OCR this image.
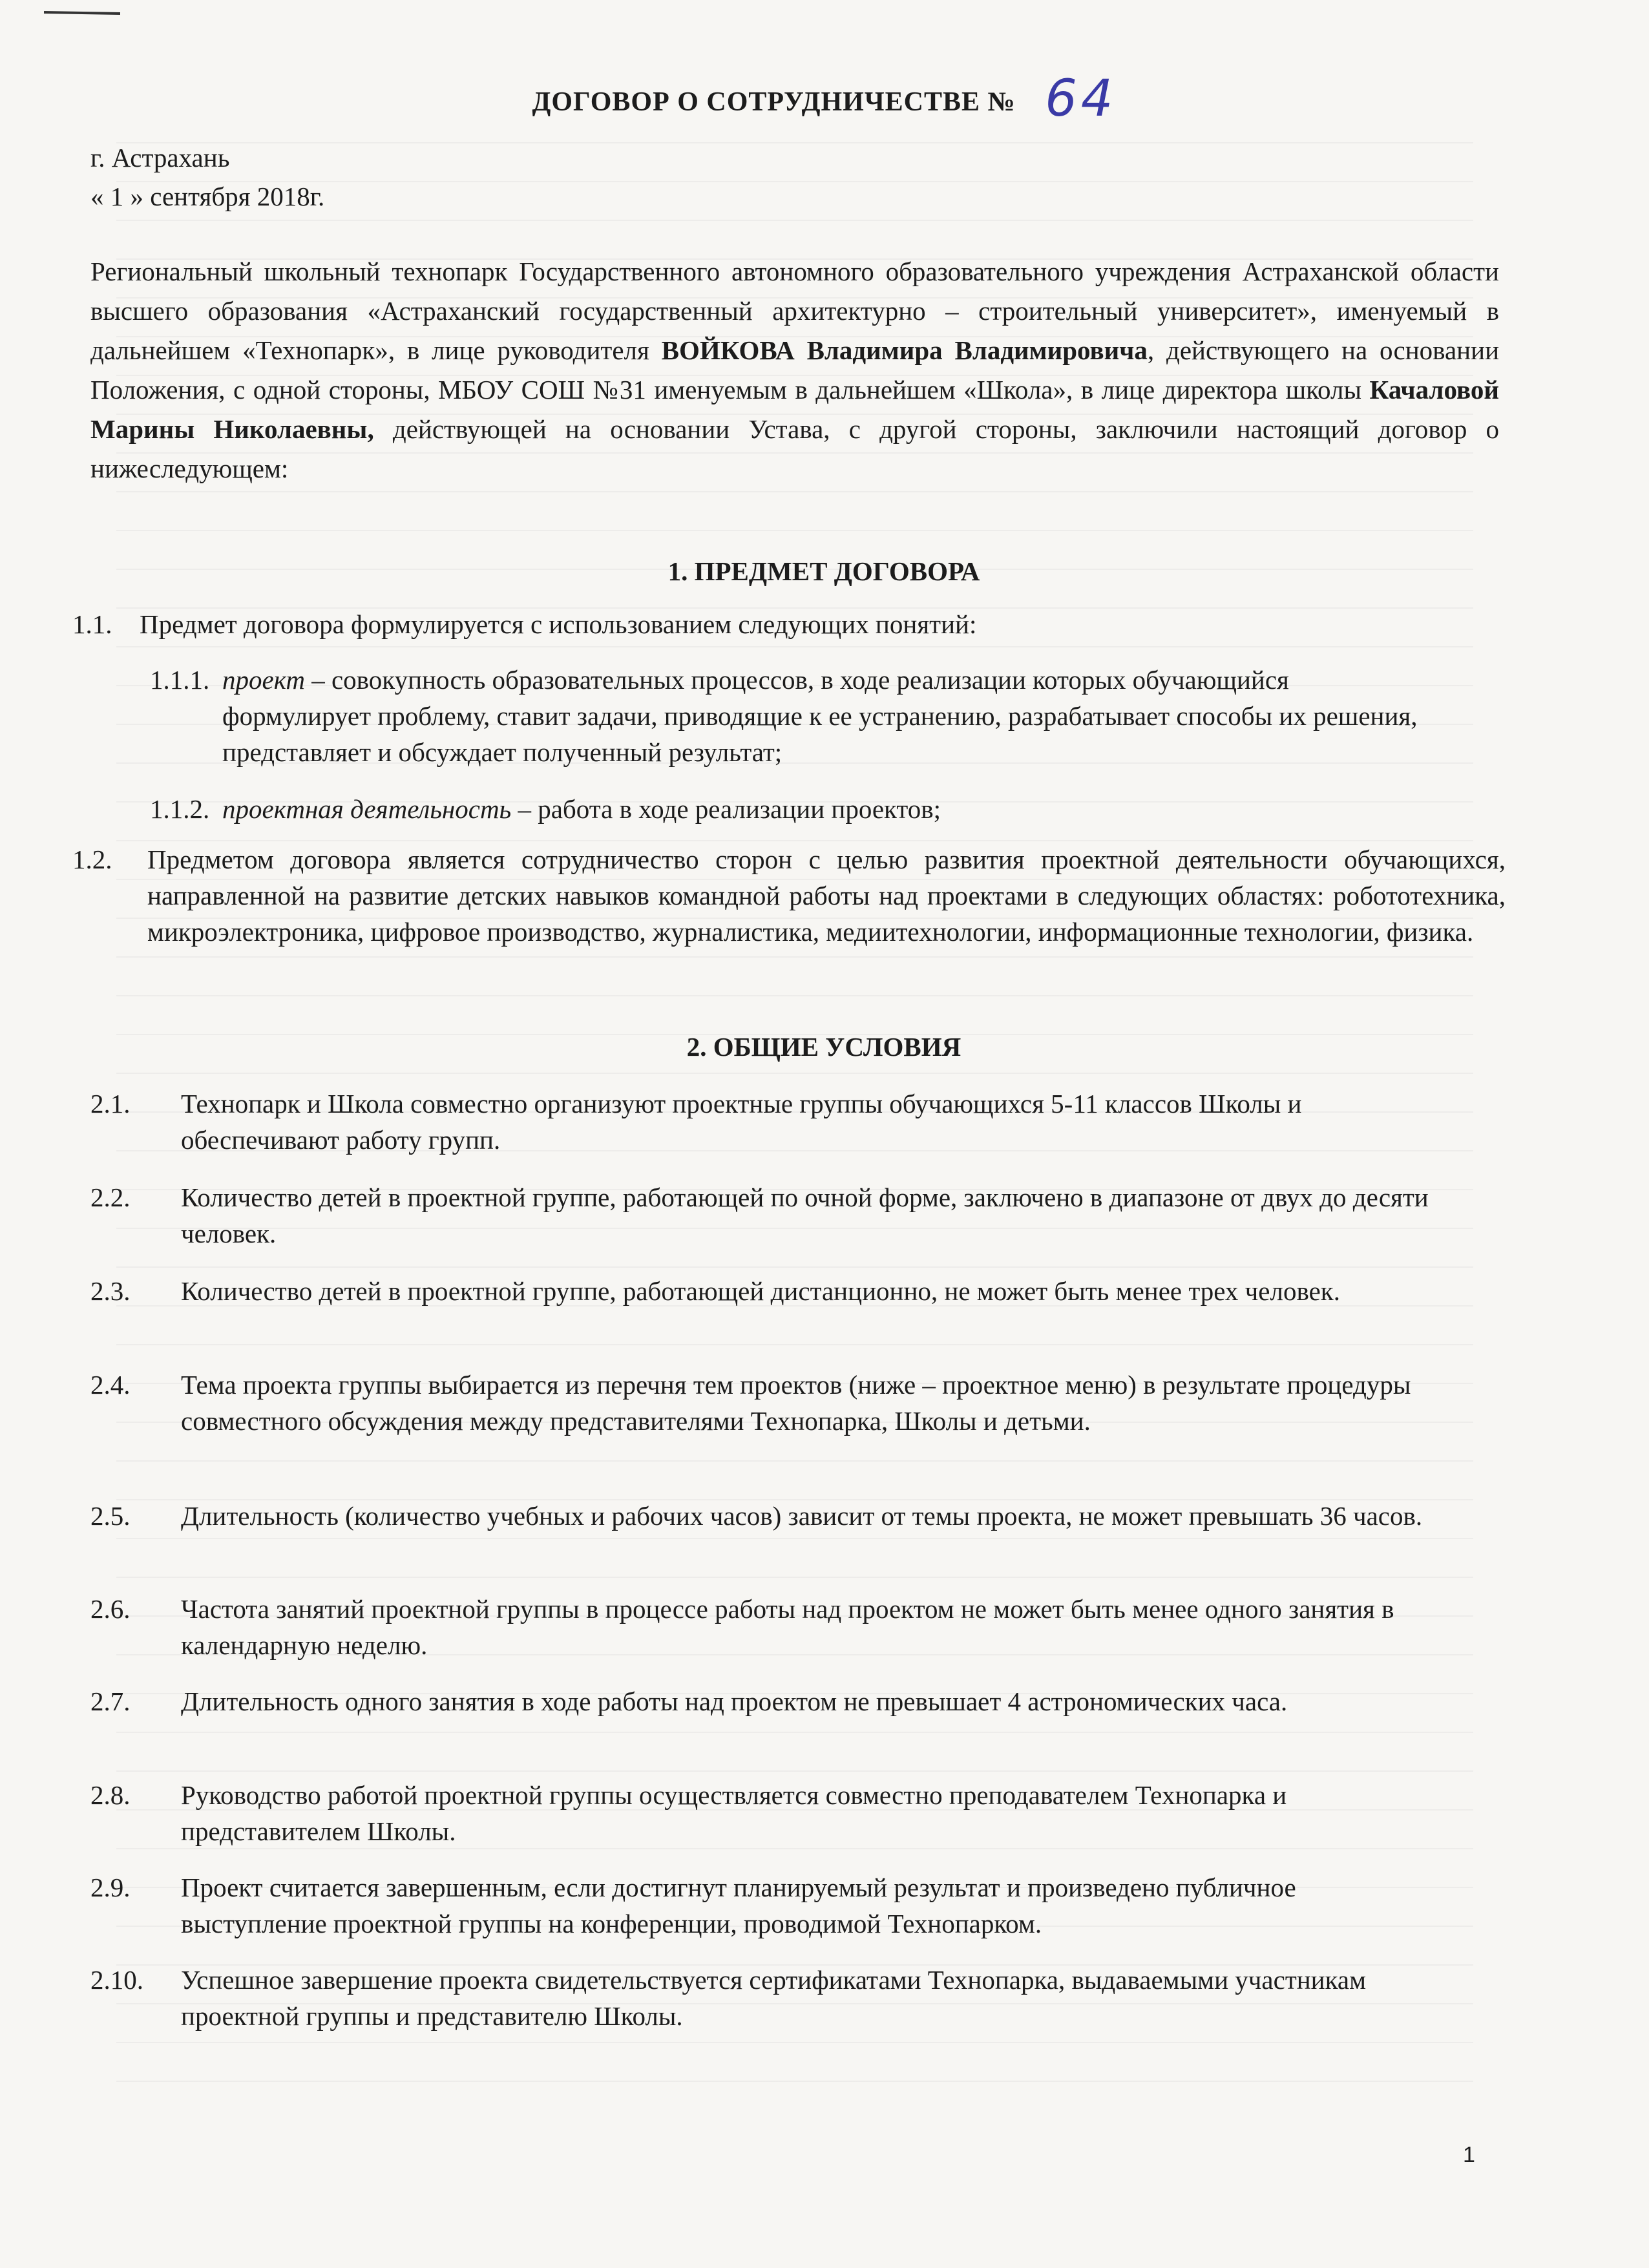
ДОГОВОР О СОТРУДНИЧЕСТВЕ № 64
г. Астрахань
« 1 » сентября 2018г.
Региональный школьный технопарк Государственного автономного образовательного учреждения Астраханской области высшего образования «Астраханский государственный архитектурно – строительный университет», именуемый в дальнейшем «Технопарк», в лице руководителя ВОЙКОВА Владимира Владимировича, действующего на основании Положения, с одной стороны, МБОУ СОШ №31 именуемым в дальнейшем «Школа», в лице директора школы Качаловой Марины Николаевны, действующей на основании Устава, с другой стороны, заключили настоящий договор о нижеследующем:
1. ПРЕДМЕТ ДОГОВОРА
1.1. Предмет договора формулируется с использованием следующих понятий:
1.1.1. проект – совокупность образовательных процессов, в ходе реализации которых обучающийся формулирует проблему, ставит задачи, приводящие к ее устранению, разрабатывает способы их решения, представляет и обсуждает полученный результат;
1.1.2. проектная деятельность – работа в ходе реализации проектов;
1.2. Предметом договора является сотрудничество сторон с целью развития проектной деятельности обучающихся, направленной на развитие детских навыков командной работы над проектами в следующих областях: робототехника, микроэлектроника, цифровое производство, журналистика, медиитехнологии, информационные технологии, физика.
2. ОБЩИЕ УСЛОВИЯ
2.1. Технопарк и Школа совместно организуют проектные группы обучающихся 5-11 классов Школы и обеспечивают работу групп.
2.2. Количество детей в проектной группе, работающей по очной форме, заключено в диапазоне от двух до десяти человек.
2.3. Количество детей в проектной группе, работающей дистанционно, не может быть менее трех человек.
2.4. Тема проекта группы выбирается из перечня тем проектов (ниже – проектное меню) в результате процедуры совместного обсуждения между представителями Технопарка, Школы и детьми.
2.5. Длительность (количество учебных и рабочих часов) зависит от темы проекта, не может превышать 36 часов.
2.6. Частота занятий проектной группы в процессе работы над проектом не может быть менее одного занятия в календарную неделю.
2.7. Длительность одного занятия в ходе работы над проектом не превышает 4 астрономических часа.
2.8. Руководство работой проектной группы осуществляется совместно преподавателем Технопарка и представителем Школы.
2.9. Проект считается завершенным, если достигнут планируемый результат и произведено публичное выступление проектной группы на конференции, проводимой Технопарком.
2.10. Успешное завершение проекта свидетельствуется сертификатами Технопарка, выдаваемыми участникам проектной группы и представителю Школы.
1
